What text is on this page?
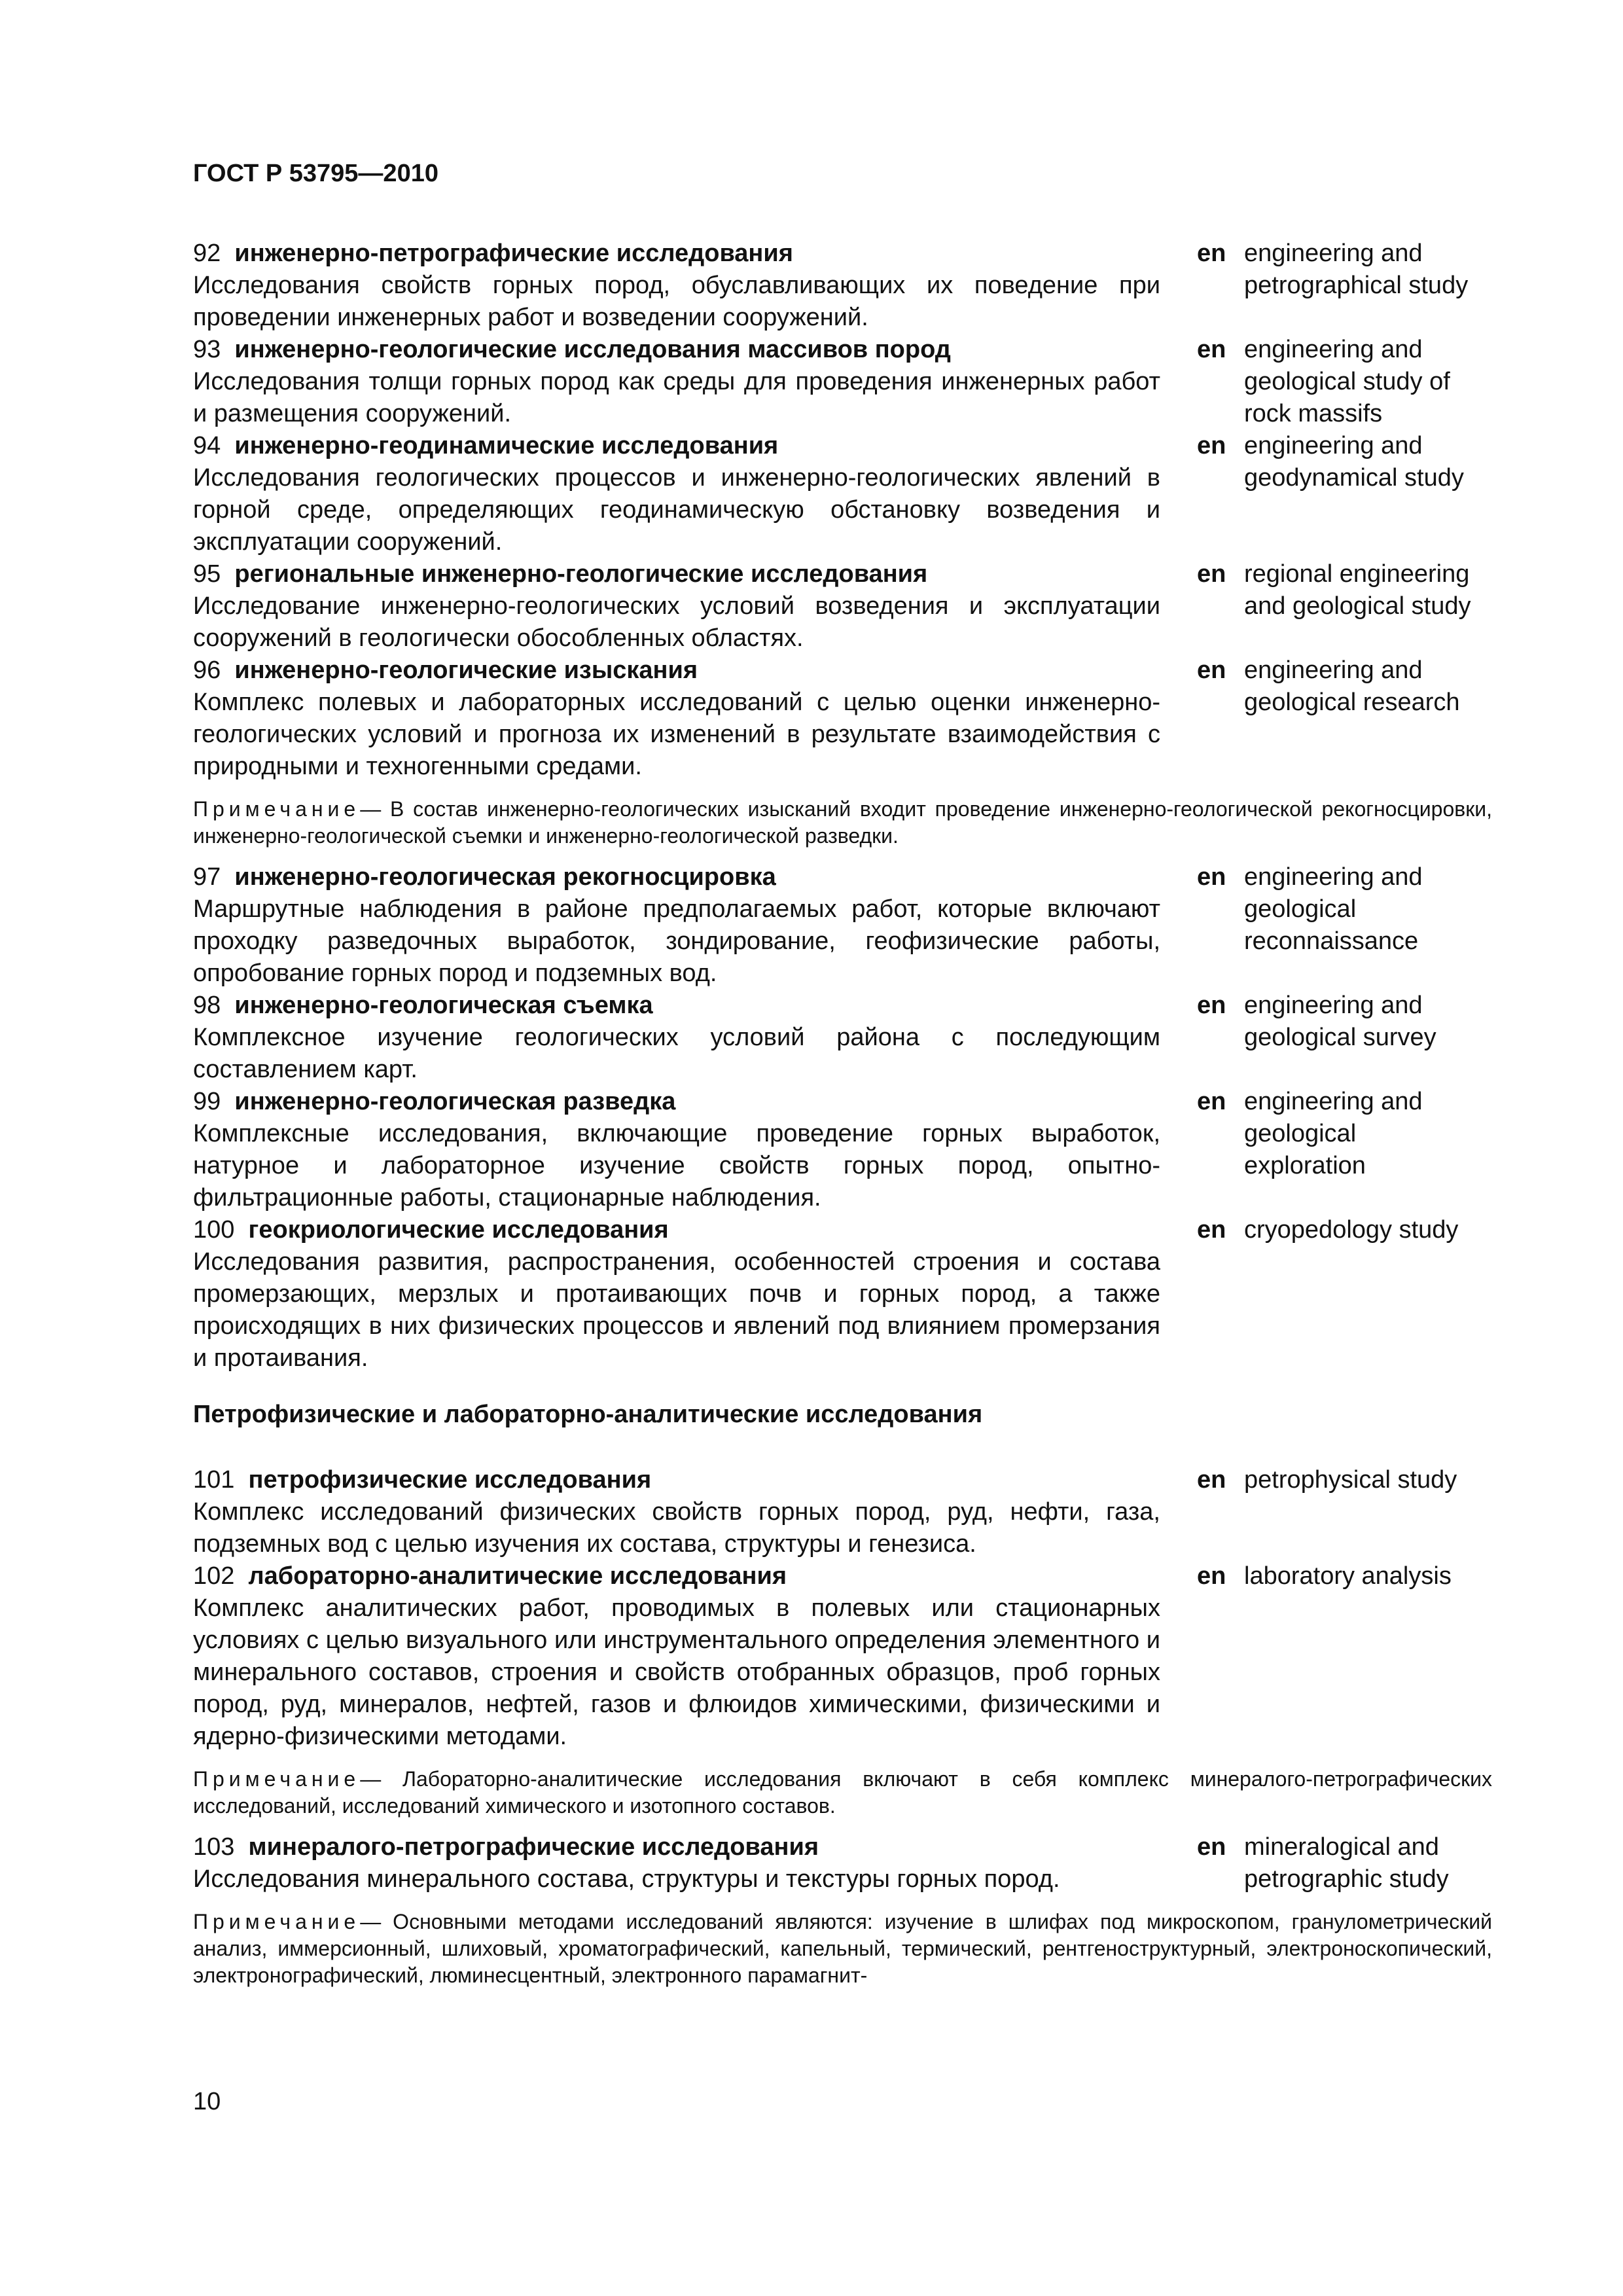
ГОСТ Р 53795—2010
92 инженерно-петрографические исследования
Исследования свойств горных пород, обуславливающих их поведение при проведении инженерных работ и возведении сооружений.
en engineering and
petrographical study
93 инженерно-геологические исследования массивов пород
Исследования толщи горных пород как среды для проведения инженерных работ и размещения сооружений.
en engineering and
geological study of
rock massifs
94 инженерно-геодинамические исследования
Исследования геологических процессов и инженерно-геологических явлений в горной среде, определяющих геодинамическую обстановку возведения и эксплуатации сооружений.
en engineering and
geodynamical study
95 региональные инженерно-геологические исследования
Исследование инженерно-геологических условий возведения и эксплуатации сооружений в геологически обособленных областях.
en regional engineering
and geological study
96 инженерно-геологические изыскания
Комплекс полевых и лабораторных исследований с целью оценки инженерно-геологических условий и прогноза их изменений в результате взаимодействия с природными и техногенными средами.
en engineering and
geological research
Примечание— В состав инженерно-геологических изысканий входит проведение инженерно-геологической рекогносцировки, инженерно-геологической съемки и инженерно-геологической разведки.
97 инженерно-геологическая рекогносцировка
Маршрутные наблюдения в районе предполагаемых работ, которые включают проходку разведочных выработок, зондирование, геофизические работы, опробование горных пород и подземных вод.
en engineering and
geological
reconnaissance
98 инженерно-геологическая съемка
Комплексное изучение геологических условий района с последующим составлением карт.
en engineering and
geological survey
99 инженерно-геологическая разведка
Комплексные исследования, включающие проведение горных выработок, натурное и лабораторное изучение свойств горных пород, опытно-фильтрационные работы, стационарные наблюдения.
en engineering and
geological
exploration
100 геокриологические исследования
Исследования развития, распространения, особенностей строения и состава промерзающих, мерзлых и протаивающих почв и горных пород, а также происходящих в них физических процессов и явлений под влиянием промерзания и протаивания.
en cryopedology study
Петрофизические и лабораторно-аналитические исследования
101 петрофизические исследования
Комплекс исследований физических свойств горных пород, руд, нефти, газа, подземных вод с целью изучения их состава, структуры и генезиса.
en petrophysical study
102 лабораторно-аналитические исследования
Комплекс аналитических работ, проводимых в полевых или стационарных условиях с целью визуального или инструментального определения элементного и минерального составов, строения и свойств отобранных образцов, проб горных пород, руд, минералов, нефтей, газов и флюидов химическими, физическими и ядерно-физическими методами.
en laboratory analysis
Примечание— Лабораторно-аналитические исследования включают в себя комплекс минералого-петрографических исследований, исследований химического и изотопного составов.
103 минералого-петрографические исследования
Исследования минерального состава, структуры и текстуры горных пород.
en mineralogical and
petrographic study
Примечание— Основными методами исследований являются: изучение в шлифах под микроскопом, гранулометрический анализ, иммерсионный, шлиховый, хроматографический, капельный, термический, рентгеноструктурный, электроноскопический, электронографический, люминесцентный, электронного парамагнит-
10
